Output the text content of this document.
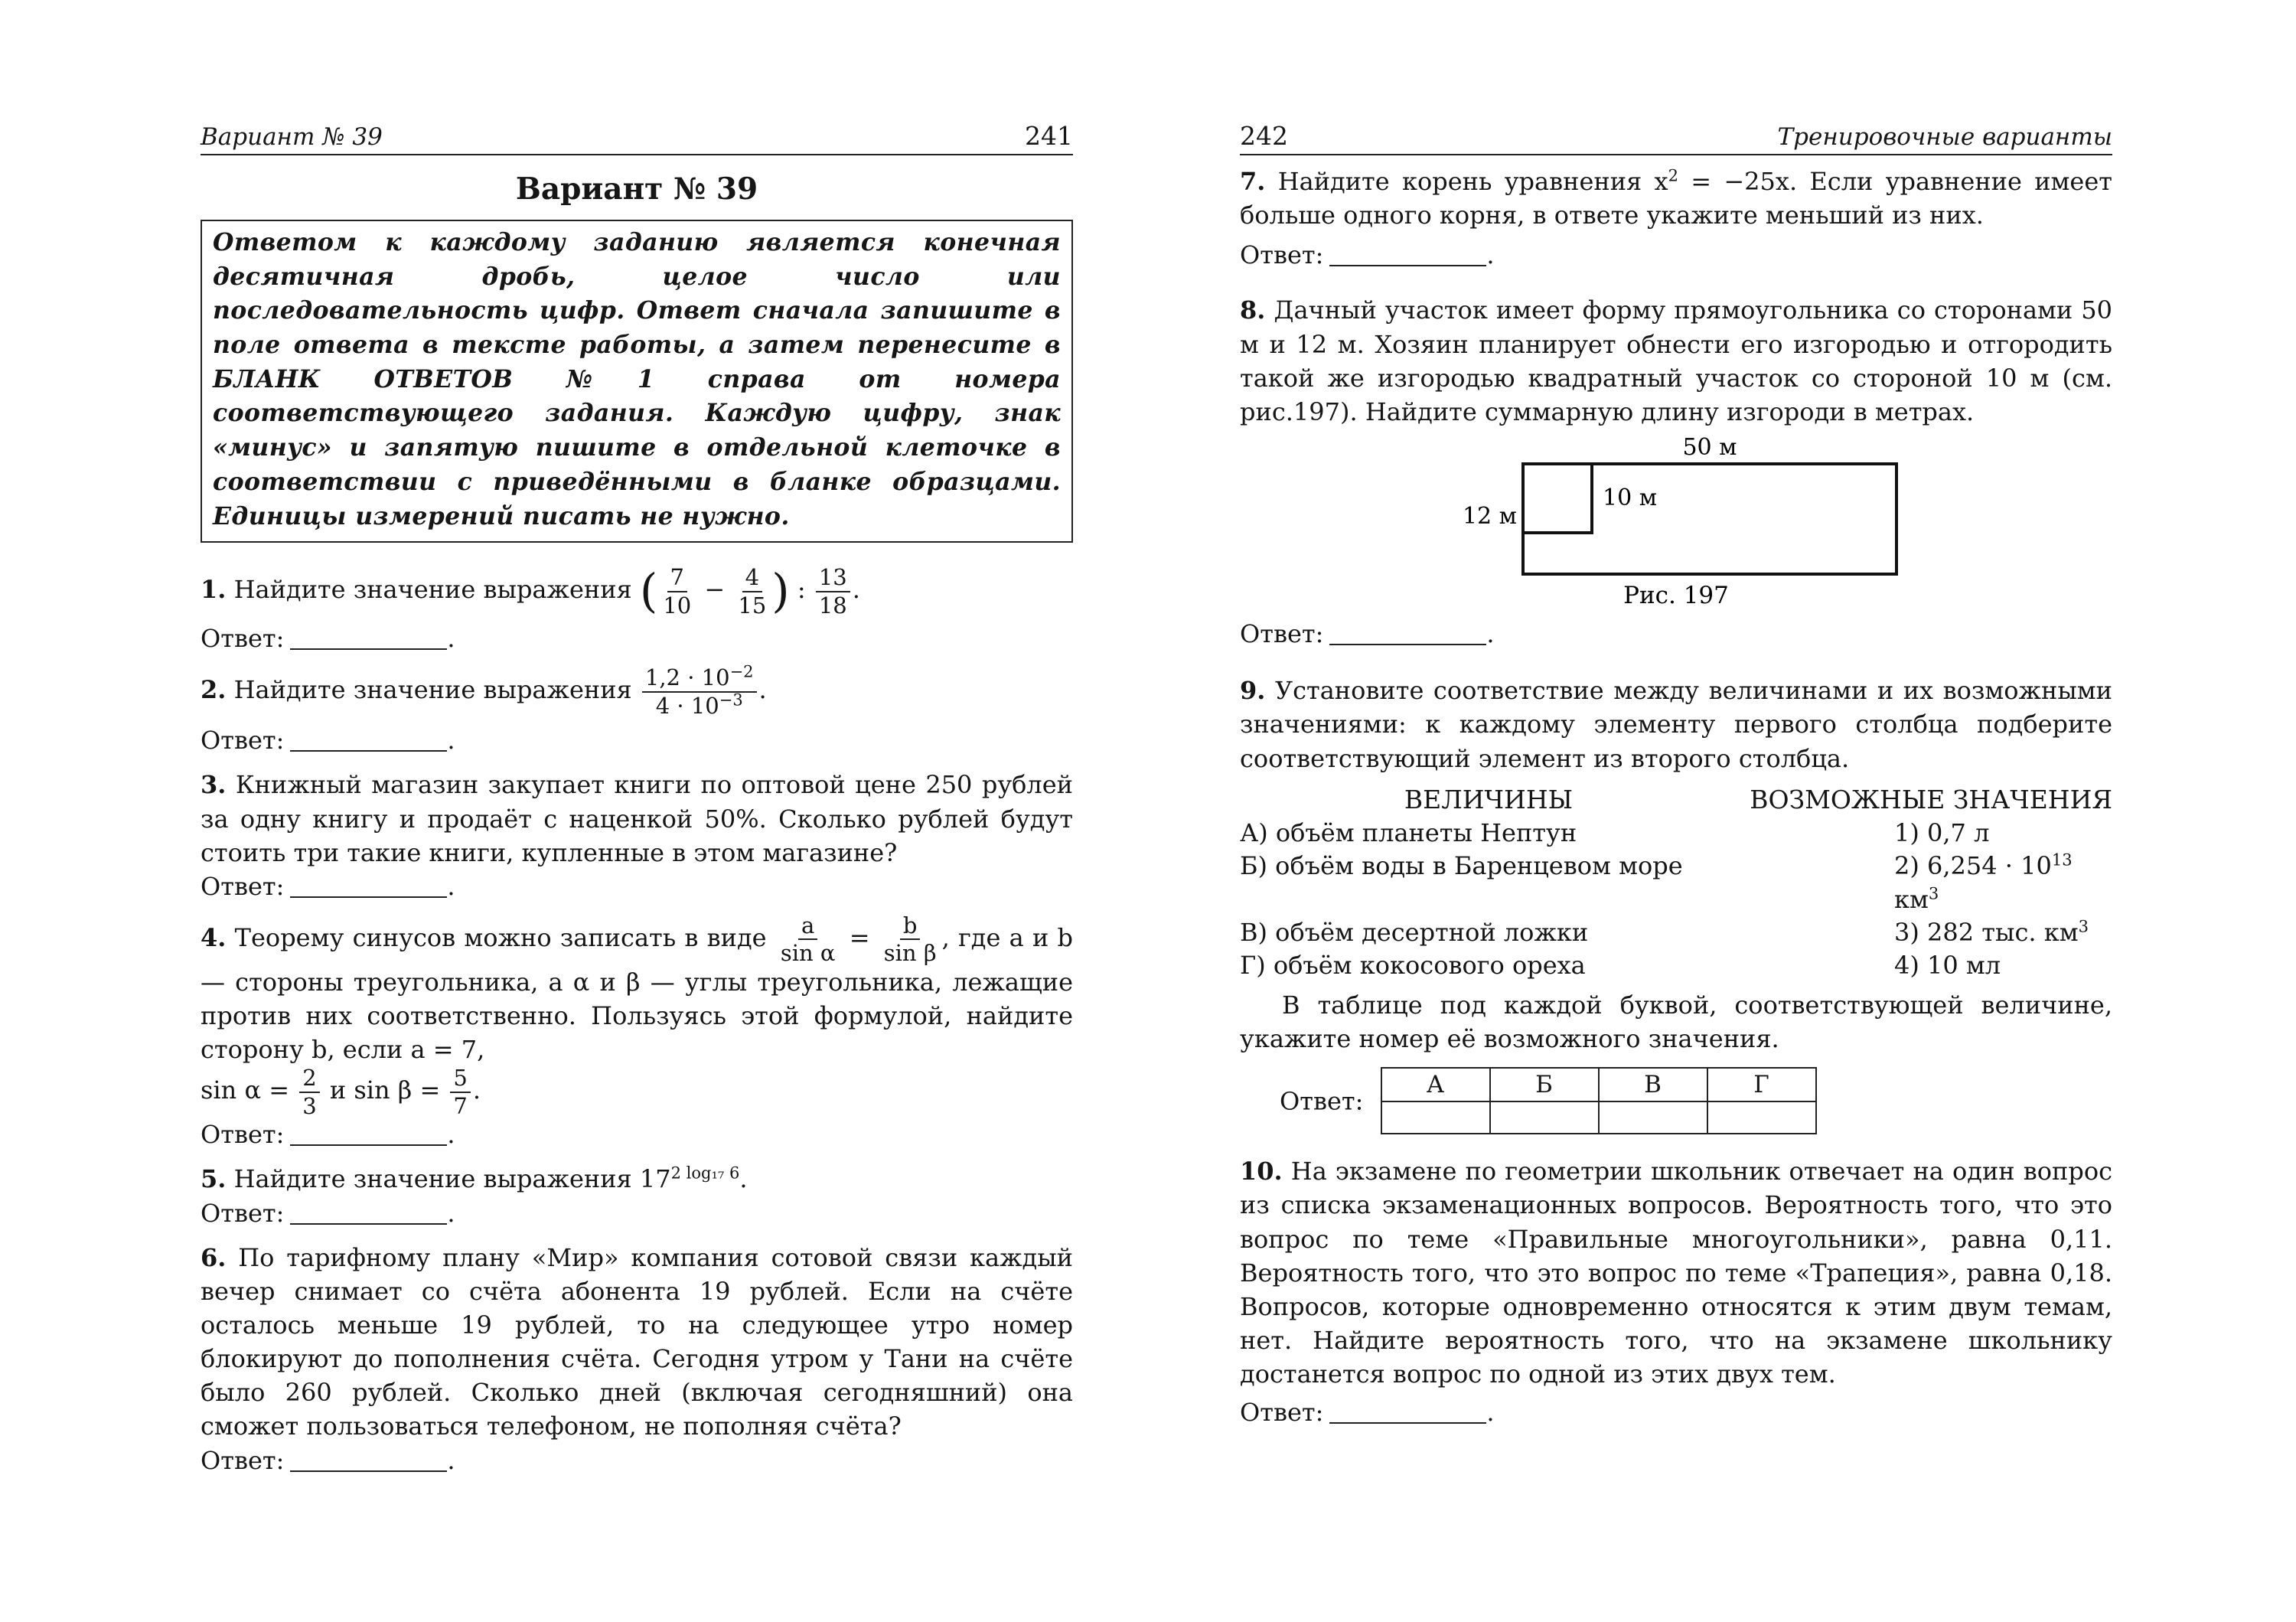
Вариант № 39	241
Вариант № 39
Ответом к каждому заданию является конечная десятичная дробь, целое число или последовательность цифр. Ответ сначала запишите в поле ответа в тексте работы, а затем перенесите в БЛАНК ОТВЕТОВ №1 справа от номера соответствующего задания. Каждую цифру, знак «минус» и запятую пишите в отдельной клеточке в соответствии с приведёнными в бланке образцами. Единицы измерений писать не нужно.

1. Найдите значение выражения ( $\frac{7}{10} - \frac{4}{15}$ ) : $\frac{13}{18}$ .

Ответ:	.

2. Найдите значение выражения $\frac{1,2 \cdot 10^{-2}}{4 \cdot 10^{-3}}$ .

Ответ:	.

3. Книжный магазин закупает книги по оптовой цене 250 рублей за одну книгу и продаёт с наценкой 50%. Сколько рублей будут стоить три такие книги, купленные в этом магазине?

Ответ:	.

4. Теорему синусов можно записать в виде $\frac{a}{\text{sin α}} = \frac{b}{\text{sin β}}$ , где a и b — стороны треугольника, а α и β — углы треугольника, лежащие против них соответственно. Пользуясь этой формулой, найдите сторону b, если a = 7,
$\sin \alpha = \frac{2}{3}$ и $\sin \beta = \frac{5}{7}$ .

Ответ:	.

5. Найдите значение выражения $17^{2 log_{17} 6}$.

Ответ:	.

6. По тарифному плану «Мир» компания сотовой связи каждый вечер снимает со счёта абонента 19 рублей. Если на счёте осталось меньше 19 рублей, то на следующее утро номер блокируют до пополнения счёта. Сегодня утром у Тани на счёте было 260 рублей. Сколько дней (включая сегодняшний) она сможет пользоваться телефоном, не пополняя счёта?

Ответ:	.

242	Тренировочные варианты

7. Найдите корень уравнения $x^2 = -25x$. Если уравнение имеет больше одного корня, в ответе укажите меньший из них.

Ответ:	.

8. Дачный участок имеет форму прямоугольника со сторонами 50 м и 12 м. Хозяин планирует обнести его изгородью и отгородить такой же изгородью квадратный участок со стороной 10 м (см. рис.197). Найдите суммарную длину изгороди в метрах.

50 м
12 м
10 м
Рис. 197

Ответ:	.

9. Установите соответствие между величинами и их возможными значениями: к каждому элементу первого столбца подберите соответствующий элемент из второго столбца.

ВЕЛИЧИНЫ	ВОЗМОЖНЫЕ ЗНАЧЕНИЯ
А) объём планеты Нептун	1) 0,7 л
Б) объём воды в Баренцевом море	2) $6,254 \cdot 10^{13}$ $км^3$
В) объём десертной ложки	3) 282 тыс. $км^3$
Г) объём кокосового ореха	4) 10 мл

В таблице под каждой буквой, соответствующей величине, укажите номер её возможного значения.

Ответ: А	Б	В	Г

10. На экзамене по геометрии школьник отвечает на один вопрос из списка экзаменационных вопросов. Вероятность того, что это вопрос по теме «Правильные многоугольники», равна 0,11. Вероятность того, что это вопрос по теме «Трапеция», равна 0,18. Вопросов, которые одновременно относятся к этим двум темам, нет. Найдите вероятность того, что на экзамене школьнику достанется вопрос по одной из этих двух тем.

Ответ:	.
